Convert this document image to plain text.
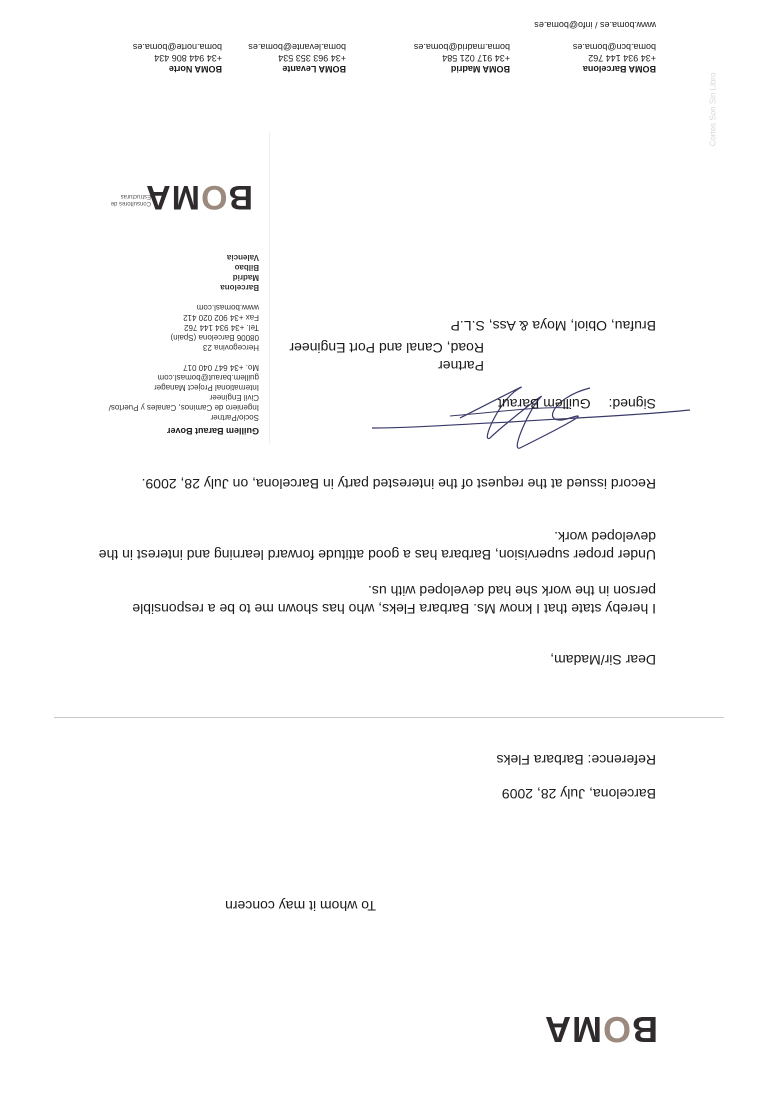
BOMA
To whom it may concern
Barcelona, July 28, 2009
Reference: Barbara Fleks
Dear Sir/Madam,
I hereby state that I know Ms. Barbara Fleks, who has shown me to be a responsible person in the work she had developed with us.
Under proper supervision, Barbara has a good attitude forward learning and interest in the developed work.
Record issued at the request of the interested party in Barcelona, on July 28, 2009.
Signed: Guillem Baraut
Partner
Road, Canal and Port Engineer
Brufau, Obiol, Moya & Ass, S.L.P
Guillem Baraut Bover
Socio/Partner
Ingeniero de Caminos, Canales y Puertos/
Civil Engineer
International Project Manager
guillem.baraut@bomasl.com
Mo. +34 647 040 017
Hercegovina 23
08006 Barcelona (Spain)
Tel. +34 934 144 762
Fax +34 902 020 412
www.bomasl.com
Barcelona
Madrid
Bilbao
Valencia
BOMA
Consultores de Estructuras
BOMA Barcelona
+34 934 144 762
boma.bcn@boma.es
BOMA Madrid
+34 917 021 584
boma.madrid@boma.es
BOMA Levante
+34 963 353 534
boma.levante@boma.es
BOMA Norte
+34 944 806 434
boma.norte@boma.es
www.boma.es / info@boma.es
Cortes Son Sin Libro
